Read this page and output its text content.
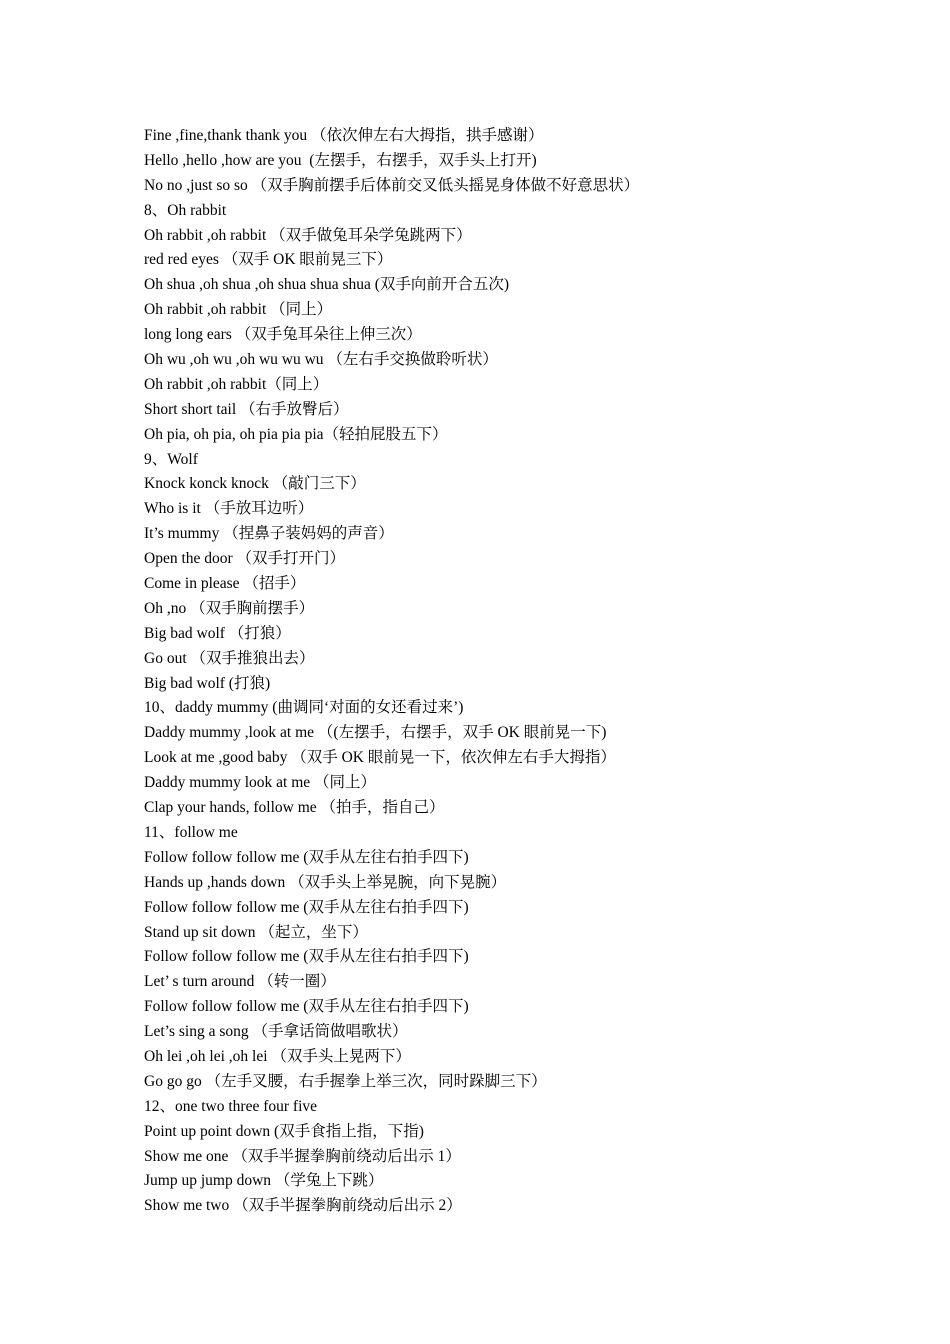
Fine ,fine,thank thank you （依次伸左右大拇指，拱手感谢）
Hello ,hello ,how are you  (左摆手，右摆手，双手头上打开)
No no ,just so so （双手胸前摆手后体前交叉低头摇晃身体做不好意思状）
8、Oh rabbit
Oh rabbit ,oh rabbit （双手做兔耳朵学兔跳两下）
red red eyes （双手 OK 眼前晃三下）
Oh shua ,oh shua ,oh shua shua shua (双手向前开合五次)
Oh rabbit ,oh rabbit （同上）
long long ears （双手兔耳朵往上伸三次）
Oh wu ,oh wu ,oh wu wu wu （左右手交换做聆听状）
Oh rabbit ,oh rabbit（同上）
Short short tail （右手放臀后）
Oh pia, oh pia, oh pia pia pia（轻拍屁股五下）
9、Wolf
Knock konck knock （敲门三下）
Who is it （手放耳边听）
It’s mummy （捏鼻子装妈妈的声音）
Open the door （双手打开门）
Come in please （招手）
Oh ,no （双手胸前摆手）
Big bad wolf （打狼）
Go out （双手推狼出去）
Big bad wolf (打狼)
10、daddy mummy (曲调同‘对面的女还看过来’)
Daddy mummy ,look at me （(左摆手，右摆手，双手 OK 眼前晃一下)
Look at me ,good baby （双手 OK 眼前晃一下，依次伸左右手大拇指）
Daddy mummy look at me （同上）
Clap your hands, follow me （拍手，指自己）
11、follow me
Follow follow follow me (双手从左往右拍手四下)
Hands up ,hands down （双手头上举晃腕，向下晃腕）
Follow follow follow me (双手从左往右拍手四下)
Stand up sit down （起立，坐下）
Follow follow follow me (双手从左往右拍手四下)
Let’ s turn around （转一圈）
Follow follow follow me (双手从左往右拍手四下)
Let’s sing a song （手拿话筒做唱歌状）
Oh lei ,oh lei ,oh lei （双手头上晃两下）
Go go go （左手叉腰，右手握拳上举三次，同时跺脚三下）
12、one two three four five
Point up point down (双手食指上指，下指)
Show me one （双手半握拳胸前绕动后出示 1）
Jump up jump down （学兔上下跳）
Show me two （双手半握拳胸前绕动后出示 2）
